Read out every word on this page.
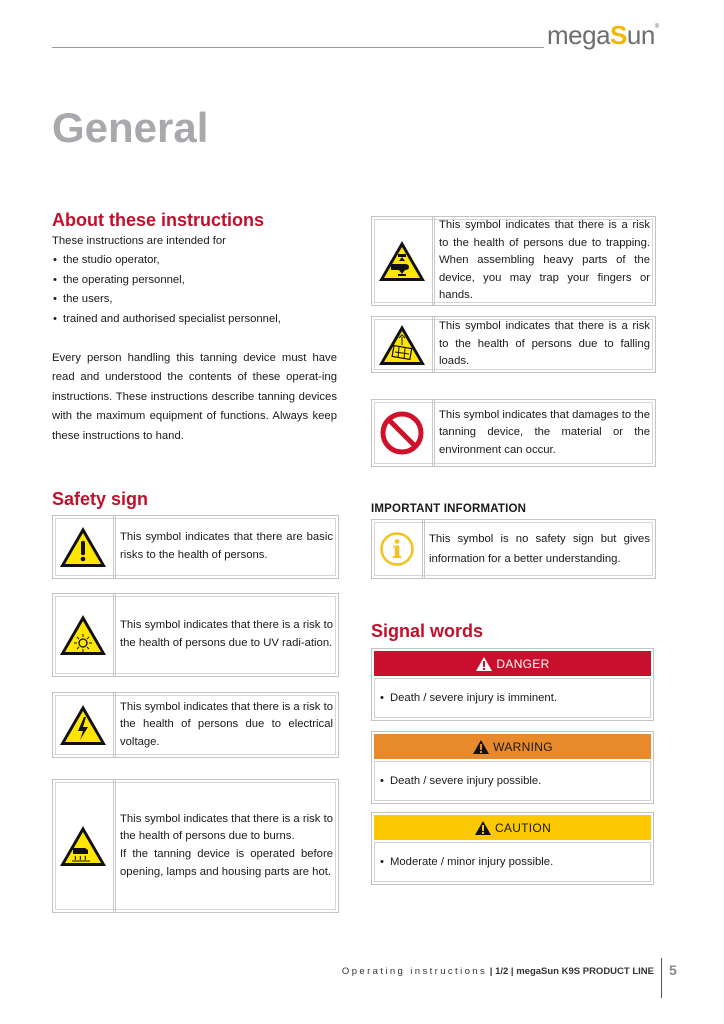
megaSun®
General
About these instructions

These instructions are intended for

• the studio operator,
• the operating personnel,
• the users,
• trained and authorised specialist personnel,

Every person handling this tanning device must have read and understood the contents of these operat-ing instructions. These instructions describe tanning devices with the maximum equipment of functions. Always keep these instructions to hand.

Safety sign
This symbol indicates that there are basic risks to the health of persons.
This symbol indicates that there is a risk to the health of persons due to UV radi-ation.
This symbol indicates that there is a risk to the health of persons due to electrical voltage.
This symbol indicates that there is a risk to the health of persons due to burns.
If the tanning device is operated before opening, lamps and housing parts are hot.
This symbol indicates that there is a risk to the health of persons due to trapping. When assembling heavy parts of the device, you may trap your fingers or hands.
This symbol indicates that there is a risk to the health of persons due to falling loads.
This symbol indicates that damages to the tanning device, the material or the environment can occur.
IMPORTANT INFORMATION
This symbol is no safety sign but gives information for a better understanding.
Signal words
DANGER
• Death / severe injury is imminent.
WARNING
• Death / severe injury possible.
CAUTION
• Moderate / minor injury possible.
Operating instructions | 1/2 | megaSun K9S PRODUCT LINE 5
